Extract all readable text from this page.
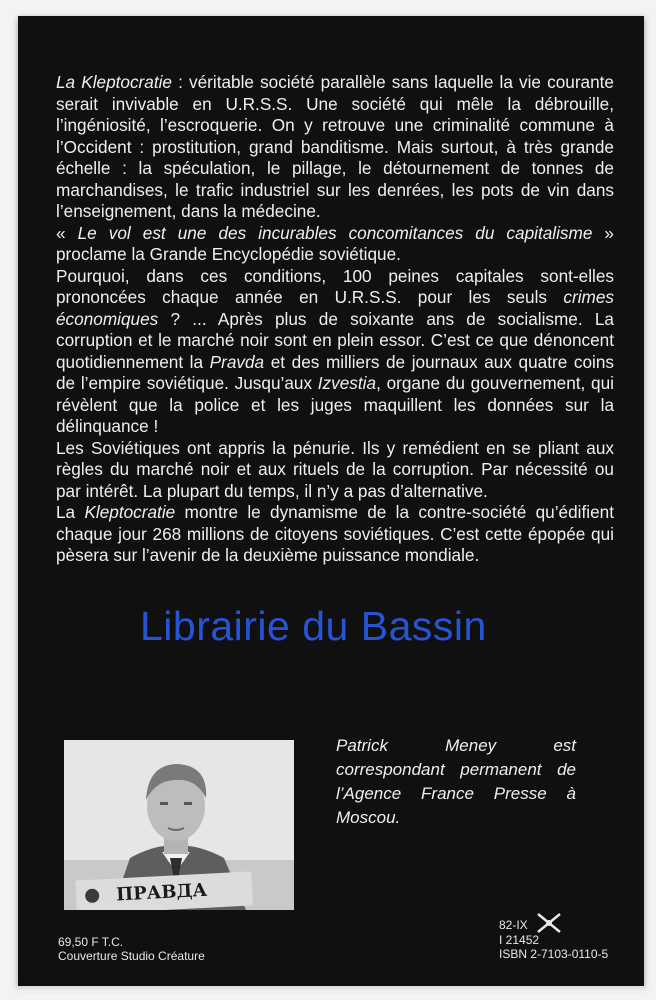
La Kleptocratie : véritable société parallèle sans laquelle la vie courante serait invivable en U.R.S.S. Une société qui mêle la débrouille, l’ingéniosité, l’escroquerie. On y retrouve une criminalité commune à l’Occident : prostitution, grand banditisme. Mais surtout, à très grande échelle : la spéculation, le pillage, le détournement de tonnes de marchandises, le trafic industriel sur les denrées, les pots de vin dans l’enseignement, dans la médecine.

« Le vol est une des incurables concomitances du capitalisme » proclame la Grande Encyclopédie soviétique.

Pourquoi, dans ces conditions, 100 peines capitales sont-elles prononcées chaque année en U.R.S.S. pour les seuls crimes économiques ? ... Après plus de soixante ans de socialisme. La corruption et le marché noir sont en plein essor. C’est ce que dénoncent quotidiennement la Pravda et des milliers de journaux aux quatre coins de l’empire soviétique. Jusqu’aux Izvestia, organe du gouvernement, qui révèlent que la police et les juges maquillent les données sur la délinquance !

Les Soviétiques ont appris la pénurie. Ils y remédient en se pliant aux règles du marché noir et aux rituels de la corruption. Par nécessité ou par intérêt. La plupart du temps, il n’y a pas d’alternative.

La Kleptocratie montre le dynamisme de la contre-société qu’édifient chaque jour 268 millions de citoyens soviétiques. C’est cette épopée qui pèsera sur l’avenir de la deuxième puissance mondiale.

ПРАВДА
Patrick Meney est correspondant permanent de l’Agence France Presse à Moscou.
69,50 F T.C.
Couverture Studio Créature
82-IX
I 21452
ISBN 2-7103-0110-5
Librairie du Bassin
